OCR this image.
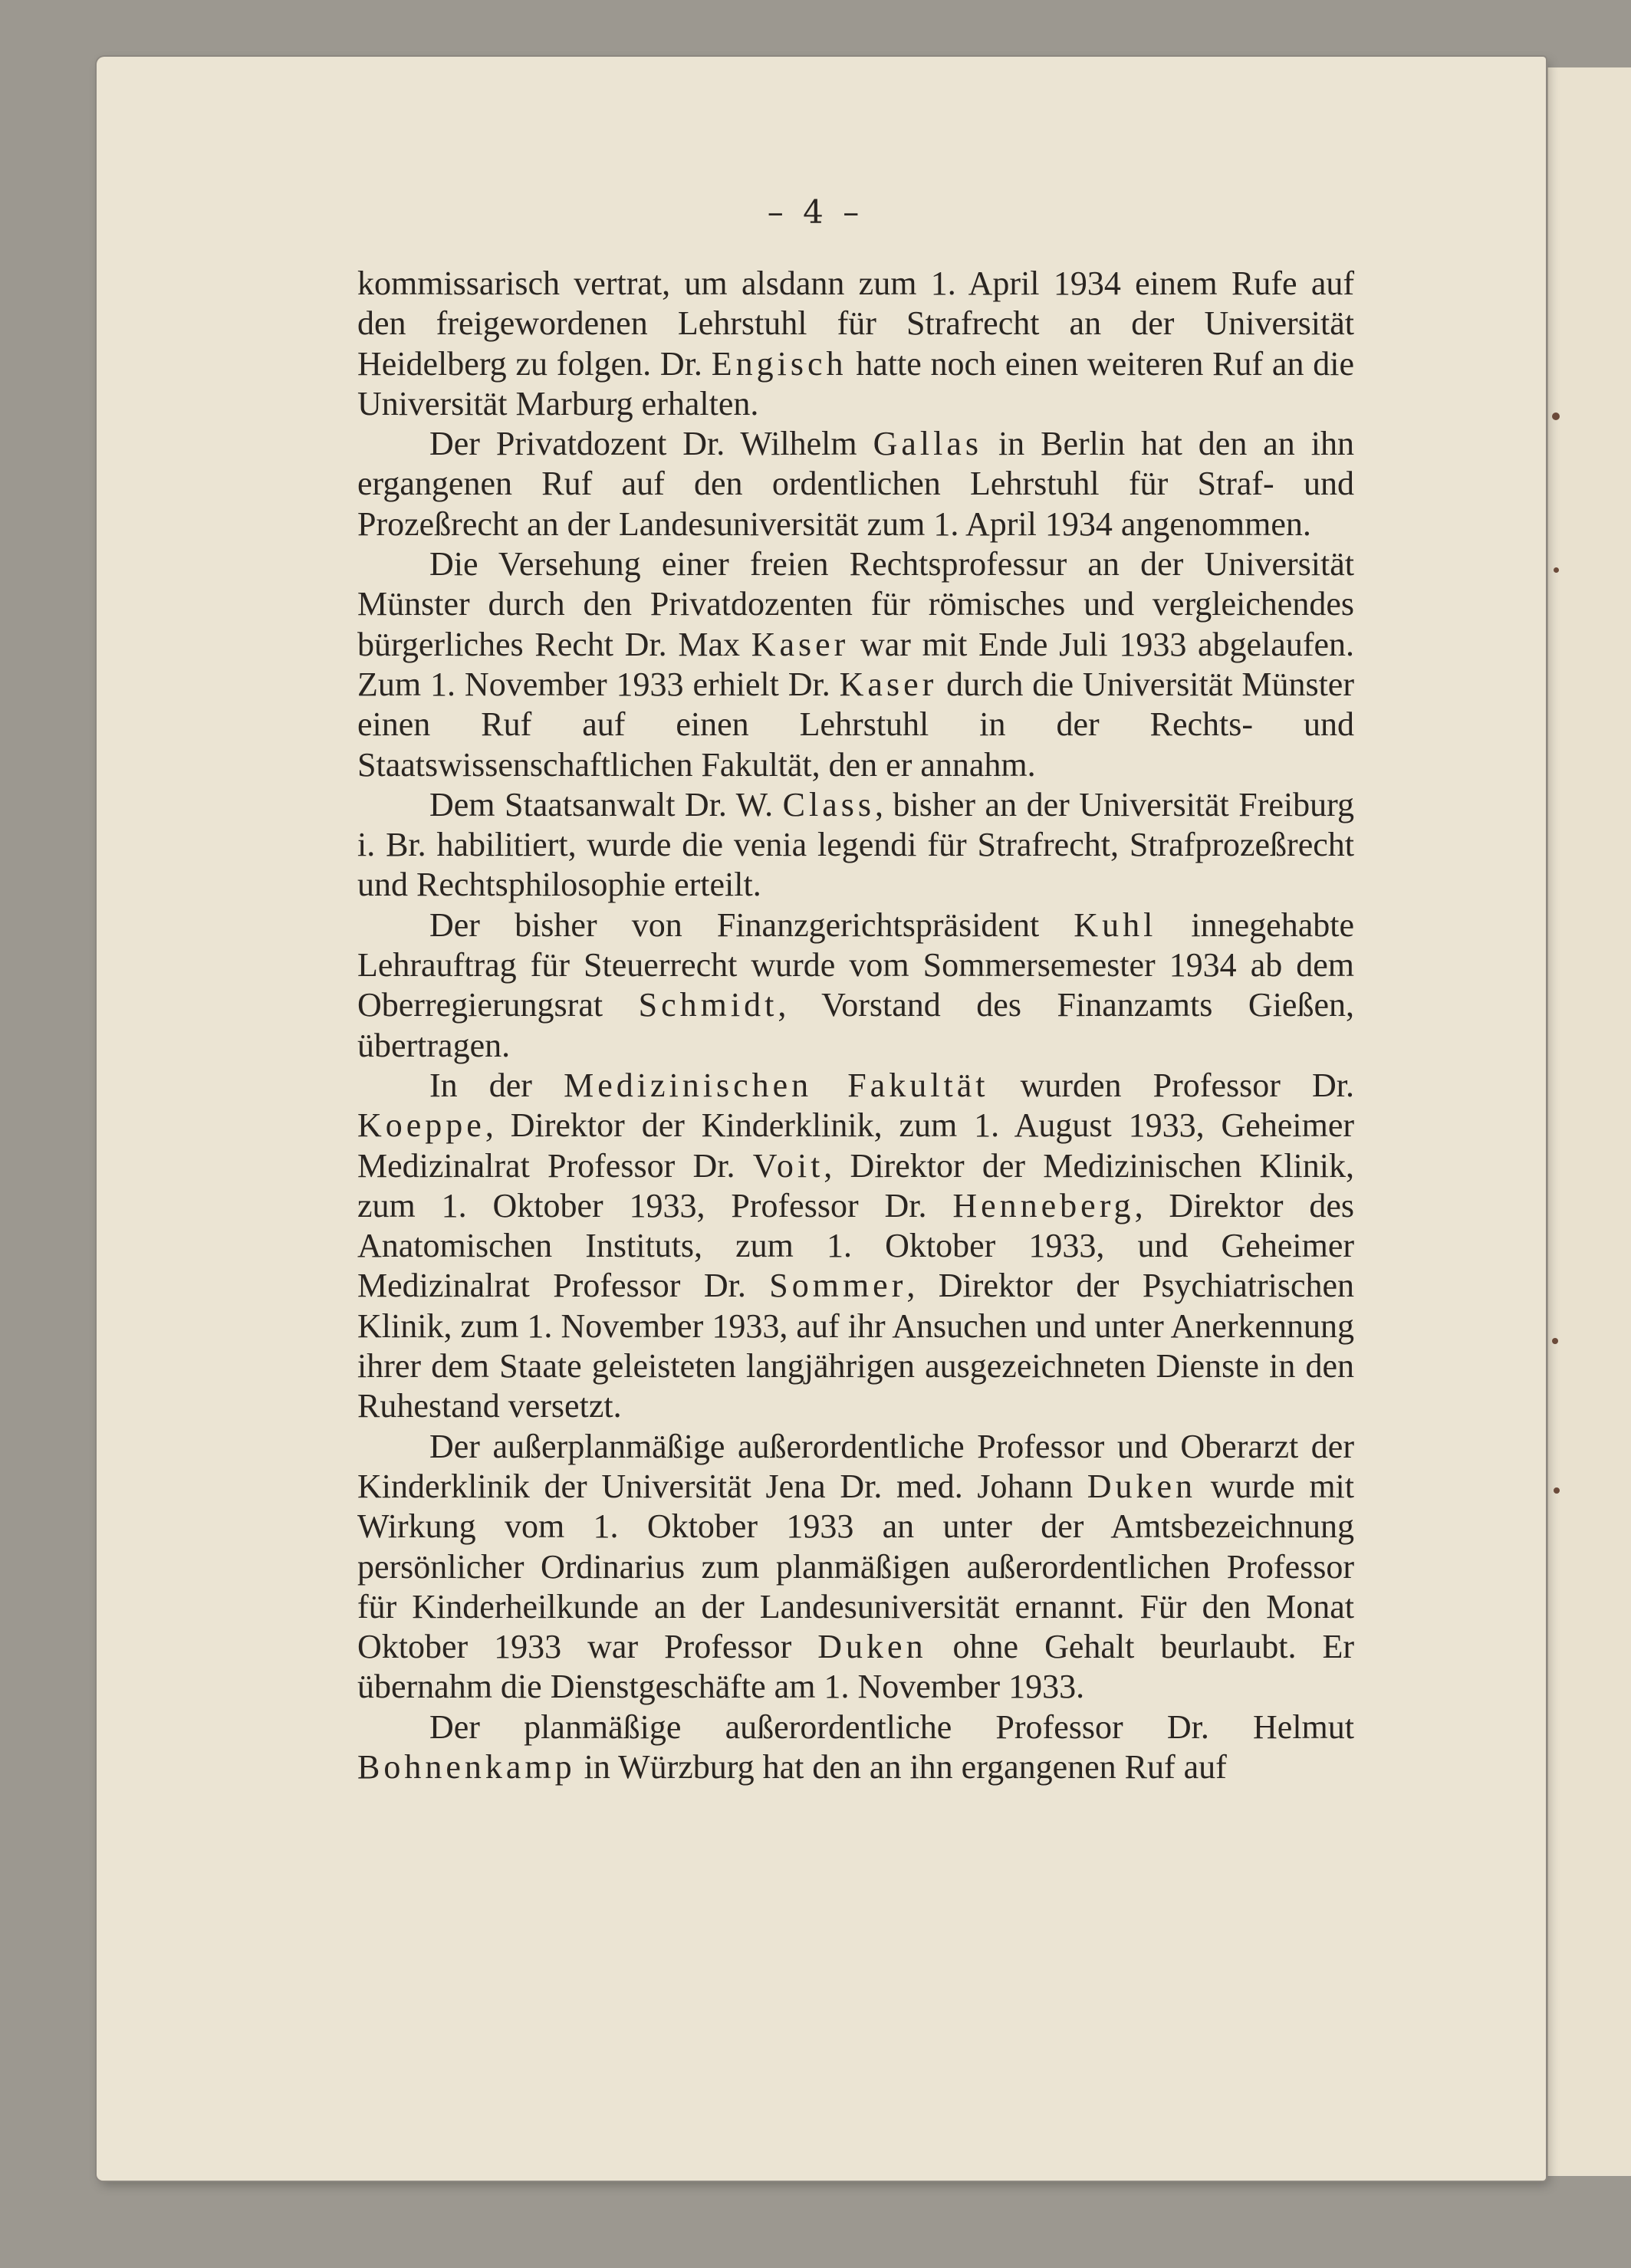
– 4 –

kommissarisch vertrat, um alsdann zum 1. April 1934 einem Rufe auf den freigewordenen Lehrstuhl für Strafrecht an der Universität Heidelberg zu folgen. Dr. Engisch hatte noch einen weiteren Ruf an die Universität Marburg erhalten.

Der Privatdozent Dr. Wilhelm Gallas in Berlin hat den an ihn ergangenen Ruf auf den ordentlichen Lehrstuhl für Straf- und Prozeßrecht an der Landesuniversität zum 1. April 1934 angenommen.

Die Versehung einer freien Rechtsprofessur an der Universität Münster durch den Privatdozenten für römisches und vergleichendes bürgerliches Recht Dr. Max Kaser war mit Ende Juli 1933 abgelaufen. Zum 1. November 1933 erhielt Dr. Kaser durch die Universität Münster einen Ruf auf einen Lehrstuhl in der Rechts- und Staatswissenschaftlichen Fakultät, den er annahm.

Dem Staatsanwalt Dr. W. Class, bisher an der Universität Freiburg i. Br. habilitiert, wurde die venia legendi für Strafrecht, Strafprozeßrecht und Rechtsphilosophie erteilt.

Der bisher von Finanzgerichtspräsident Kuhl innegehabte Lehrauftrag für Steuerrecht wurde vom Sommersemester 1934 ab dem Oberregierungsrat Schmidt, Vorstand des Finanzamts Gießen, übertragen.

In der Medizinischen Fakultät wurden Professor Dr. Koeppe, Direktor der Kinderklinik, zum 1. August 1933, Geheimer Medizinalrat Professor Dr. Voit, Direktor der Medizinischen Klinik, zum 1. Oktober 1933, Professor Dr. Henneberg, Direktor des Anatomischen Instituts, zum 1. Oktober 1933, und Geheimer Medizinalrat Professor Dr. Sommer, Direktor der Psychiatrischen Klinik, zum 1. November 1933, auf ihr Ansuchen und unter Anerkennung ihrer dem Staate geleisteten langjährigen ausgezeichneten Dienste in den Ruhestand versetzt.

Der außerplanmäßige außerordentliche Professor und Oberarzt der Kinderklinik der Universität Jena Dr. med. Johann Duken wurde mit Wirkung vom 1. Oktober 1933 an unter der Amtsbezeichnung persönlicher Ordinarius zum planmäßigen außerordentlichen Professor für Kinderheilkunde an der Landesuniversität ernannt. Für den Monat Oktober 1933 war Professor Duken ohne Gehalt beurlaubt. Er übernahm die Dienstgeschäfte am 1. November 1933.

Der planmäßige außerordentliche Professor Dr. Helmut Bohnenkamp in Würzburg hat den an ihn ergangenen Ruf auf
